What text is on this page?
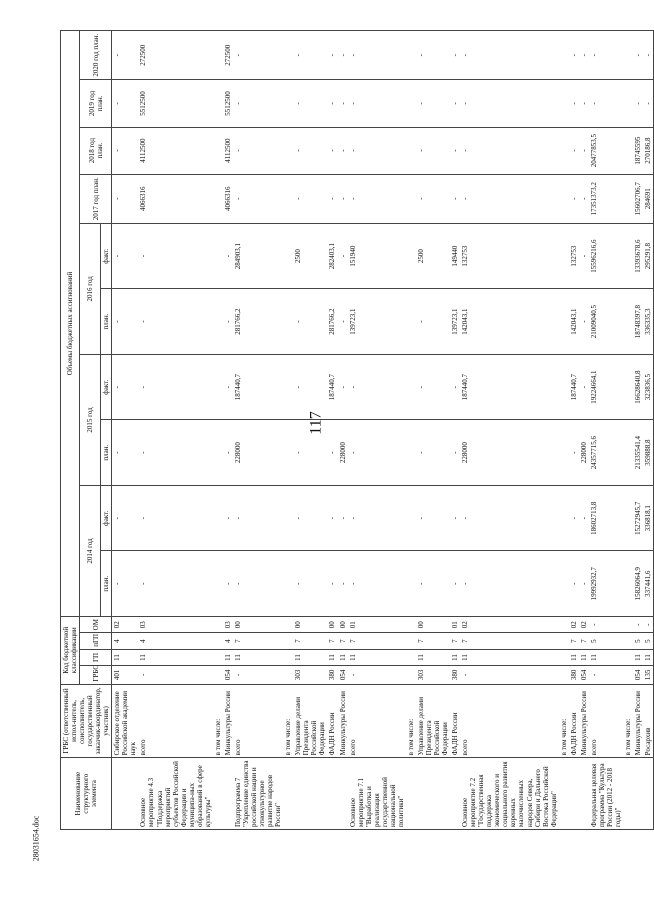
117
28031654.doc
Наименование структурного элемента	ГРБС (ответственный испол-нитель, соисполнитель, государственный заказчик-координатор, участник)	Код бюджетной классификации				Объемы бюджетных ассигнований									
		ГРБС	ГП	пГП	ОМ	2014 год		2015 год		2016 год		2017 год план.	2018 год план.	2019 год план.	2020 год план.
						план.	факт.	план.	факт.	план.	факт.				
	Сибирское отделение Российской академии наук	401	11	4	02	-	-	-	-	-	-	-	-	-	-
Основное мероприятие 4.3 "Поддержка мероприятий субъектов Российской Федерации и муниципа-ных образований в сфере культуры"	всего	-	11	4	03	-	-	-	-	-	-	4066316	4112500	5512500	272500
	в том числе:														
	Минкультуры России	054	11	4	03	-	-	-	-	-	-	4066316	4112500	5512500	272500
Подпрограмма 7 "Укрепление единства российской нации и этнокультурное развитие народов России"	всего	-	11	7	00	-	-	228000	187440,7	281766,2	284903,1	-	-	-	-
	в том числе:														
	Управление делами Президента Российской Федерации	303	11	7	00	-	-	-	-	-	2500	-	-	-	-
	ФАДН России	380	11	7	00	-	-	-	187440,7	281766,2	282403,1	-	-	-	-
	Минкультуры России	054	11	7	00	-	-	228000	-	-	-	-	-	-	-
Основное мероприятие 7.1 "Выработка и реализация государственной национальной политики"	всего	-	11	7	01	-	-	-	-	139723,1	151940	-	-	-	-
	в том числе:														
	Управление делами Президента Российской Федерации	303	11	7	00	-	-	-	-	-	2500	-	-	-	-
	ФАДН России	380	11	7	01	-	-	-	-	139723,1	149440	-	-	-	-
Основное мероприятие 7.2 "Государственная поддержка экономического и социального развития коренных малочисленных народов Севера, Сибири и Дальнего Востока Российской Федерации"	всего	-	11	7	02	-	-	228000	187440,7	142043,1	132753	-	-	-	-
	в том числе:														
	ФАДН России	380	11	7	02	-	-	-	187440,7	142043,1	132753	-	-	-	-
	Минкультуры России	054	11	7	02	-	-	228000	-	-	-	-	-	-	-
Федеральная целевая программа "Культура России (2012 - 2018 годы)"	всего	-	11	5	-	19992932,7	18602713,8	24357715,6	19224664,1	21009040,5	15596216,6	17351373,2	20477853,5	-	-
	в том числе:														
	Минкультуры России	054	11	5	-	15826064,9	15272945,7	21335541,4	16628640,8	18748397,8	13393678,6	15602706,7	18745595	-	-
	Росархив	135	11	5	-	337441,6	336818,1	359888,8	323836,5	336335,3	295291,8	284691	270186,8	-	-
